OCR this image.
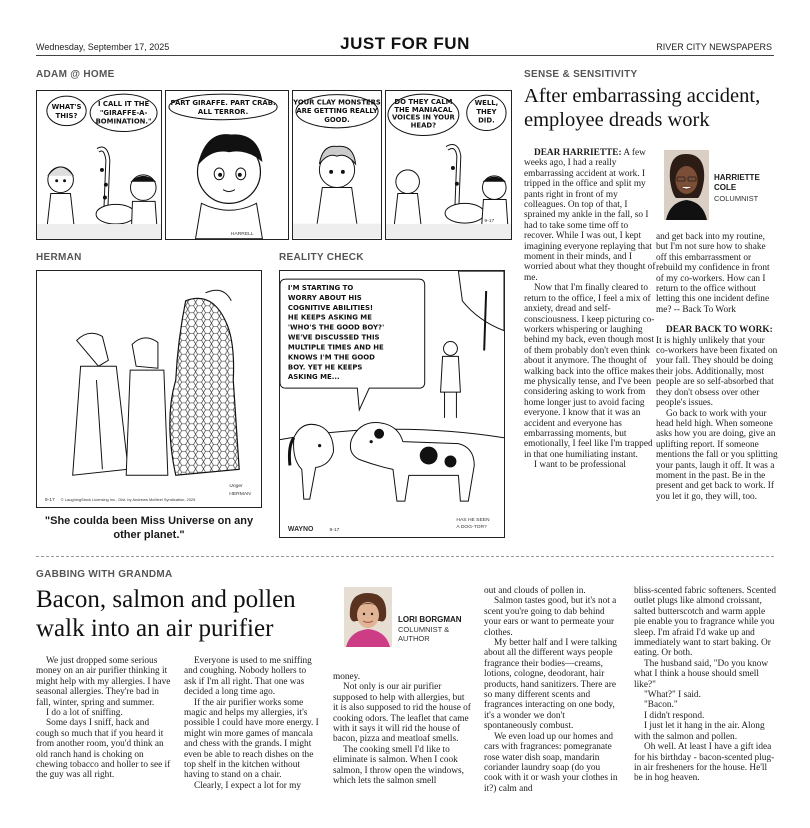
Wednesday, September 17, 2025	JUST FOR FUN	RIVER CITY NEWSPAPERS
ADAM @ HOME
WHAT'S
THIS?
I CALL IT THE
"GIRAFFE-A-
BOMINATION."
PART GIRAFFE. PART CRAB.
ALL TERROR.
HARRELL
YOUR CLAY MONSTERS
ARE GETTING REALLY
GOOD.
DO THEY CALM
THE MANIACAL
VOICES IN YOUR
HEAD?
WELL,
THEY
DID.
9-17
HERMAN
9-17 © LaughingStock Licensing Inc., Dist. by Andrews McMeel Syndication, 2025
HERMAN
Unger
"She coulda been Miss Universe on any other planet."
REALITY CHECK
I'M STARTING TO
WORRY ABOUT HIS
COGNITIVE ABILITIES!
HE KEEPS ASKING ME
'WHO'S THE GOOD BOY?'
WE'VE DISCUSSED THIS
MULTIPLE TIMES AND HE
KNOWS I'M THE GOOD
BOY. YET HE KEEPS
ASKING ME...
WAYNO	9-17
HAS HE SEEN
A DOG-TOR?
SENSE & SENSITIVITY
After embarrassing accident, employee dreads work

DEAR HARRIETTE: A few weeks ago, I had a really embarrassing accident at work. I tripped in the office and split my pants right in front of my colleagues. On top of that, I sprained my ankle in the fall, so I had to take some time off to recover. While I was out, I kept imagining everyone replaying that moment in their minds, and I worried about what they thought of me.

Now that I'm finally cleared to return to the office, I feel a mix of anxiety, dread and self-consciousness. I keep picturing co-workers whispering or laughing behind my back, even though most of them probably don't even think about it anymore. The thought of walking back into the office makes me physically tense, and I've been considering asking to work from home longer just to avoid facing everyone. I know that it was an accident and everyone has embarrassing moments, but emotionally, I feel like I'm trapped in that one humiliating instant.

I want to be professional

HARRIETTE COLE
COLUMNIST

and get back into my routine, but I'm not sure how to shake off this embarrassment or rebuild my confidence in front of my co-workers. How can I return to the office without letting this one incident define me? -- Back To Work

DEAR BACK TO WORK: It is highly unlikely that your co-workers have been fixated on your fall. They should be doing their jobs. Additionally, most people are so self-absorbed that they don't obsess over other people's issues.

Go back to work with your head held high. When someone asks how you are doing, give an uplifting report. If someone mentions the fall or you splitting your pants, laugh it off. It was a moment in the past. Be in the present and get back to work. If you let it go, they will, too.

GABBING WITH GRANDMA
Bacon, salmon and pollen walk into an air purifier

We just dropped some serious money on an air purifier thinking it might help with my allergies. I have seasonal allergies. They're bad in fall, winter, spring and summer.

I do a lot of sniffing.

Some days I sniff, hack and cough so much that if you heard it from another room, you'd think an old ranch hand is choking on chewing tobacco and holler to see if the guy was all right.

Everyone is used to me sniffing and coughing. Nobody hollers to ask if I'm all right. That one was decided a long time ago.

If the air purifier works some magic and helps my allergies, it's possible I could have more energy. I might win more games of mancala and chess with the grands. I might even be able to reach dishes on the top shelf in the kitchen without having to stand on a chair.

Clearly, I expect a lot for my

LORI BORGMAN
COLUMNIST & AUTHOR

money.

Not only is our air purifier supposed to help with allergies, but it is also supposed to rid the house of cooking odors. The leaflet that came with it says it will rid the house of bacon, pizza and meatloaf smells.

The cooking smell I'd like to eliminate is salmon. When I cook salmon, I throw open the windows, which lets the salmon smell

out and clouds of pollen in.

Salmon tastes good, but it's not a scent you're going to dab behind your ears or want to permeate your clothes.

My better half and I were talking about all the different ways people fragrance their bodies—creams, lotions, cologne, deodorant, hair products, hand sanitizers. There are so many different scents and fragrances interacting on one body, it's a wonder we don't spontaneously combust.

We even load up our homes and cars with fragrances: pomegranate rose water dish soap, mandarin coriander laundry soap (do you cook with it or wash your clothes in it?) calm and

bliss-scented fabric softeners. Scented outlet plugs like almond croissant, salted butterscotch and warm apple pie enable you to fragrance while you sleep. I'm afraid I'd wake up and immediately want to start baking. Or eating. Or both.

The husband said, "Do you know what I think a house should smell like?"

"What?" I said.

"Bacon."

I didn't respond.

I just let it hang in the air. Along with the salmon and pollen.

Oh well. At least I have a gift idea for his birthday - bacon-scented plug-in air fresheners for the house. He'll be in hog heaven.
